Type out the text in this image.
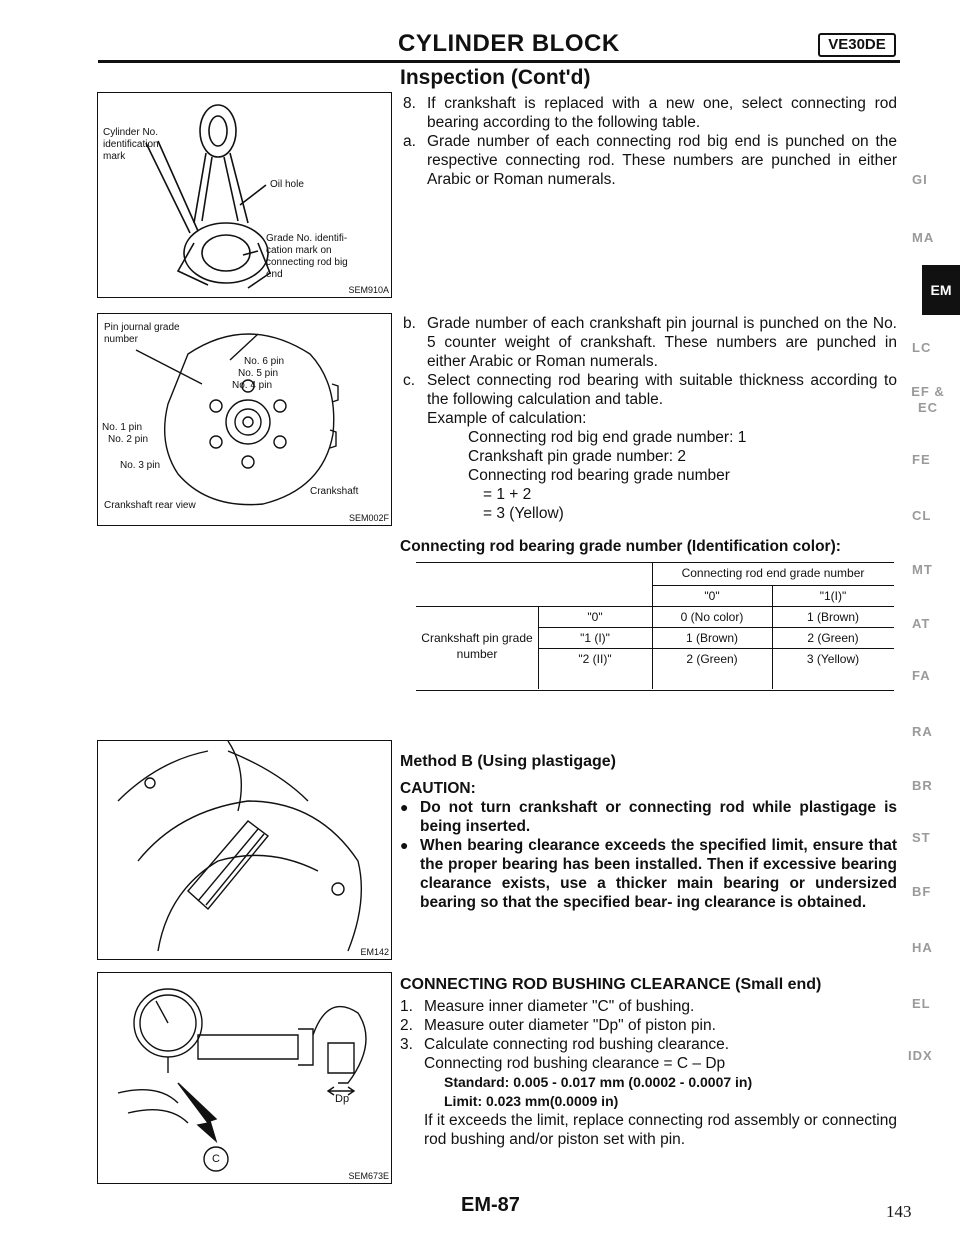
CYLINDER BLOCK	VE30DE
Inspection (Cont'd)
Cylinder No. identification mark
Oil hole
Grade No. identifi- cation mark on connecting rod big end
SEM910A
Pin journal grade number
No. 6 pin
No. 5 pin
No. 4 pin
No. 1 pin
No. 2 pin
No. 3 pin
Crankshaft
Crankshaft rear view
SEM002F
EM142
Dp
C
SEM673E
8. If crankshaft is replaced with a new one, select connecting rod bearing according to the following table.
a. Grade number of each connecting rod big end is punched on the respective connecting rod. These numbers are punched in either Arabic or Roman numerals.
b. Grade number of each crankshaft pin journal is punched on the No. 5 counter weight of crankshaft. These numbers are punched in either Arabic or Roman numerals.
c. Select connecting rod bearing with suitable thickness according to the following calculation and table.
Example of calculation:
Connecting rod big end grade number: 1
Crankshaft pin grade number: 2
Connecting rod bearing grade number
= 1 + 2
= 3 (Yellow)
Connecting rod bearing grade number (Identification color):
Connecting rod end grade number
"0"	"1(I)"
Crankshaft pin grade number
"0"	0 (No color)	1 (Brown)
"1 (I)"	1 (Brown)	2 (Green)
"2 (II)"	2 (Green)	3 (Yellow)
Method B (Using plastigage)
CAUTION:
● Do not turn crankshaft or connecting rod while plastigage is being inserted.
● When bearing clearance exceeds the specified limit, ensure that the proper bearing has been installed. Then if excessive bearing clearance exists, use a thicker main bearing or undersized bearing so that the specified bear- ing clearance is obtained.
CONNECTING ROD BUSHING CLEARANCE (Small end)
1. Measure inner diameter "C" of bushing.
2. Measure outer diameter "Dp" of piston pin.
3. Calculate connecting rod bushing clearance.
Connecting rod bushing clearance = C – Dp
Standard: 0.005 - 0.017 mm (0.0002 - 0.0007 in)
Limit: 0.023 mm(0.0009 in)
If it exceeds the limit, replace connecting rod assembly or connecting rod bushing and/or piston set with pin.
GI
MA
EM
LC
EF & EC
FE
CL
MT
AT
FA
RA
BR
ST
BF
HA
EL
IDX
EM-87	143
